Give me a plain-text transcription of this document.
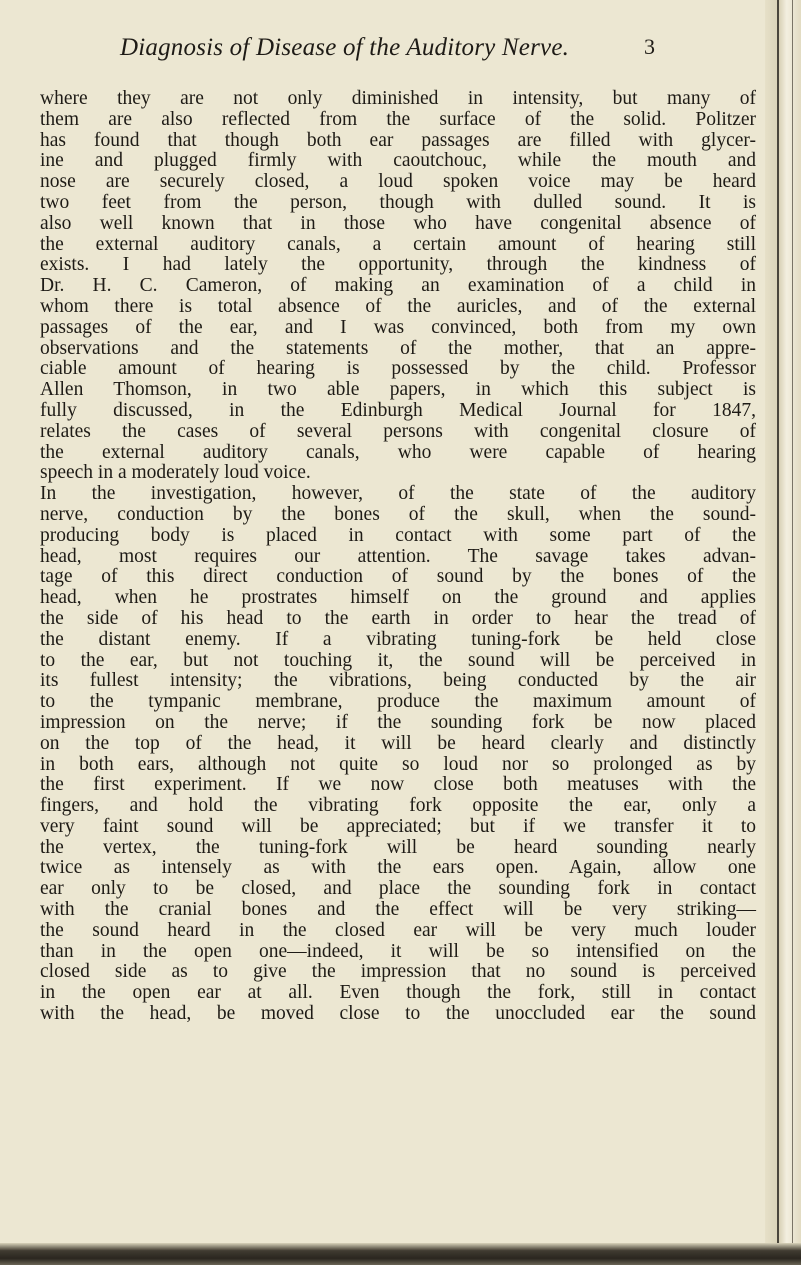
Diagnosis of Disease of the Auditory Nerve.	3
where they are not only diminished in intensity, but many of
them are also reflected from the surface of the solid. Politzer
has found that though both ear passages are filled with glycer-
ine and plugged firmly with caoutchouc, while the mouth and
nose are securely closed, a loud spoken voice may be heard
two feet from the person, though with dulled sound. It is
also well known that in those who have congenital absence of
the external auditory canals, a certain amount of hearing still
exists. I had lately the opportunity, through the kindness of
Dr. H. C. Cameron, of making an examination of a child in
whom there is total absence of the auricles, and of the external
passages of the ear, and I was convinced, both from my own
observations and the statements of the mother, that an appre-
ciable amount of hearing is possessed by the child. Professor
Allen Thomson, in two able papers, in which this subject is
fully discussed, in the Edinburgh Medical Journal for 1847,
relates the cases of several persons with congenital closure of
the external auditory canals, who were capable of hearing
speech in a moderately loud voice.
In the investigation, however, of the state of the auditory
nerve, conduction by the bones of the skull, when the sound-
producing body is placed in contact with some part of the
head, most requires our attention. The savage takes advan-
tage of this direct conduction of sound by the bones of the
head, when he prostrates himself on the ground and applies
the side of his head to the earth in order to hear the tread of
the distant enemy. If a vibrating tuning-fork be held close
to the ear, but not touching it, the sound will be perceived in
its fullest intensity; the vibrations, being conducted by the air
to the tympanic membrane, produce the maximum amount of
impression on the nerve; if the sounding fork be now placed
on the top of the head, it will be heard clearly and distinctly
in both ears, although not quite so loud nor so prolonged as by
the first experiment. If we now close both meatuses with the
fingers, and hold the vibrating fork opposite the ear, only a
very faint sound will be appreciated; but if we transfer it to
the vertex, the tuning-fork will be heard sounding nearly
twice as intensely as with the ears open. Again, allow one
ear only to be closed, and place the sounding fork in contact
with the cranial bones and the effect will be very striking—
the sound heard in the closed ear will be very much louder
than in the open one—indeed, it will be so intensified on the
closed side as to give the impression that no sound is perceived
in the open ear at all. Even though the fork, still in contact
with the head, be moved close to the unoccluded ear the sound
